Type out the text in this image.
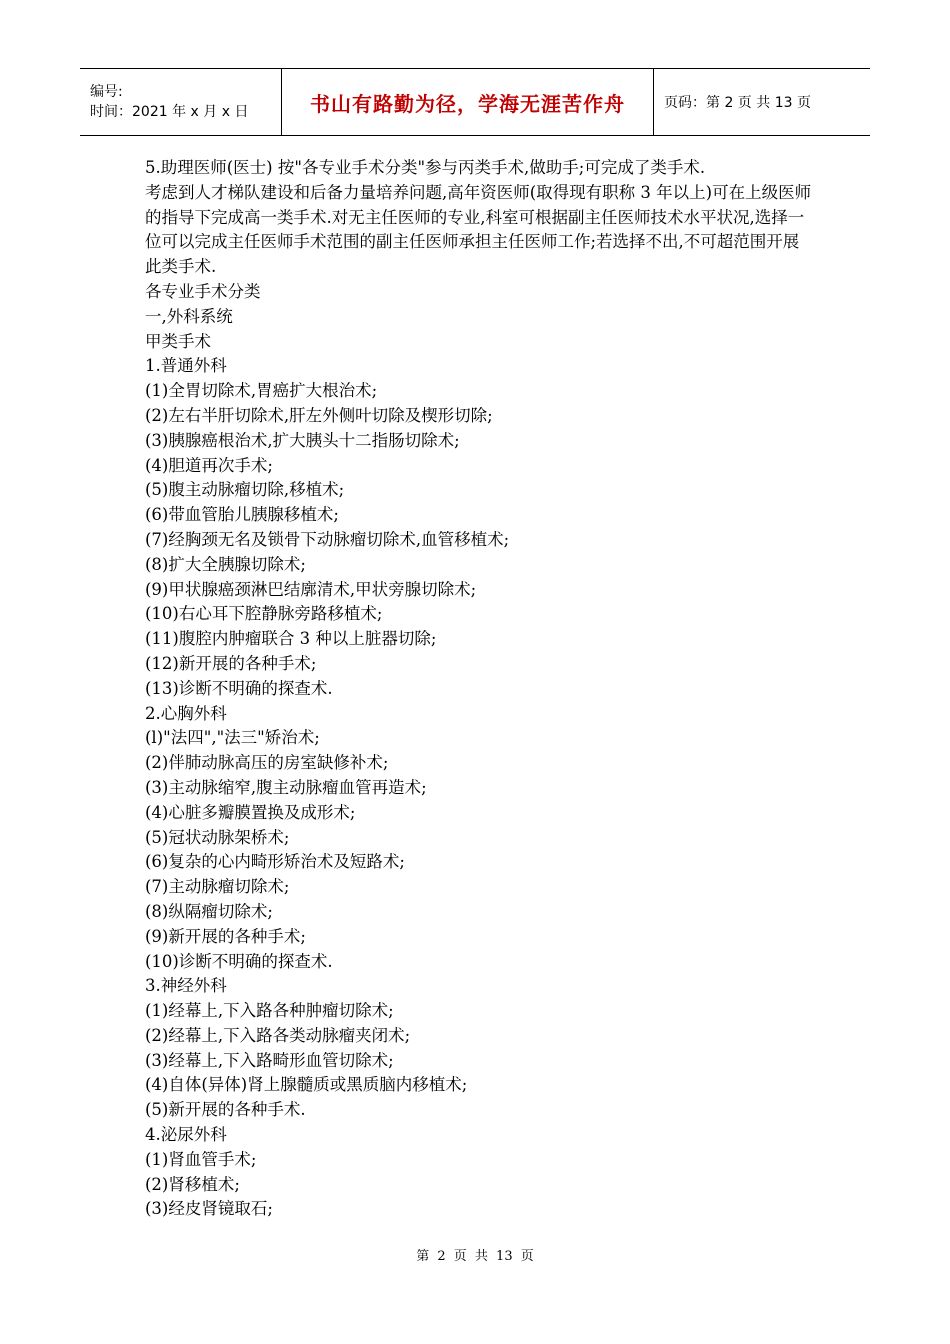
编号:
时间：2021 年 x 月 x 日	书山有路勤为径，学海无涯苦作舟	页码：第 2 页 共 13 页

5.助理医师(医士) 按"各专业手术分类"参与丙类手术,做助手;可完成了类手术.

考虑到人才梯队建设和后备力量培养问题,高年资医师(取得现有职称 3 年以上)可在上级医师的指导下完成高一类手术.对无主任医师的专业,科室可根据副主任医师技术水平状况,选择一位可以完成主任医师手术范围的副主任医师承担主任医师工作;若选择不出,不可超范围开展此类手术.

各专业手术分类

一,外科系统

甲类手术

1.普通外科

(1)全胃切除术,胃癌扩大根治术;

(2)左右半肝切除术,肝左外侧叶切除及楔形切除;

(3)胰腺癌根治术,扩大胰头十二指肠切除术;

(4)胆道再次手术;

(5)腹主动脉瘤切除,移植术;

(6)带血管胎儿胰腺移植术;

(7)经胸颈无名及锁骨下动脉瘤切除术,血管移植术;

(8)扩大全胰腺切除术;

(9)甲状腺癌颈淋巴结廓清术,甲状旁腺切除术;

(10)右心耳下腔静脉旁路移植术;

(11)腹腔内肿瘤联合 3 种以上脏器切除;

(12)新开展的各种手术;

(13)诊断不明确的探查术.

2.心胸外科

(l)"法四","法三"矫治术;

(2)伴肺动脉高压的房室缺修补术;

(3)主动脉缩窄,腹主动脉瘤血管再造术;

(4)心脏多瓣膜置换及成形术;

(5)冠状动脉架桥术;

(6)复杂的心内畸形矫治术及短路术;

(7)主动脉瘤切除术;

(8)纵隔瘤切除术;

(9)新开展的各种手术;

(10)诊断不明确的探查术.

3.神经外科

(1)经幕上,下入路各种肿瘤切除术;

(2)经幕上,下入路各类动脉瘤夹闭术;

(3)经幕上,下入路畸形血管切除术;

(4)自体(异体)肾上腺髓质或黑质脑内移植术;

(5)新开展的各种手术.

4.泌尿外科

(1)肾血管手术;

(2)肾移植术;

(3)经皮肾镜取石;

第 2 页 共 13 页
